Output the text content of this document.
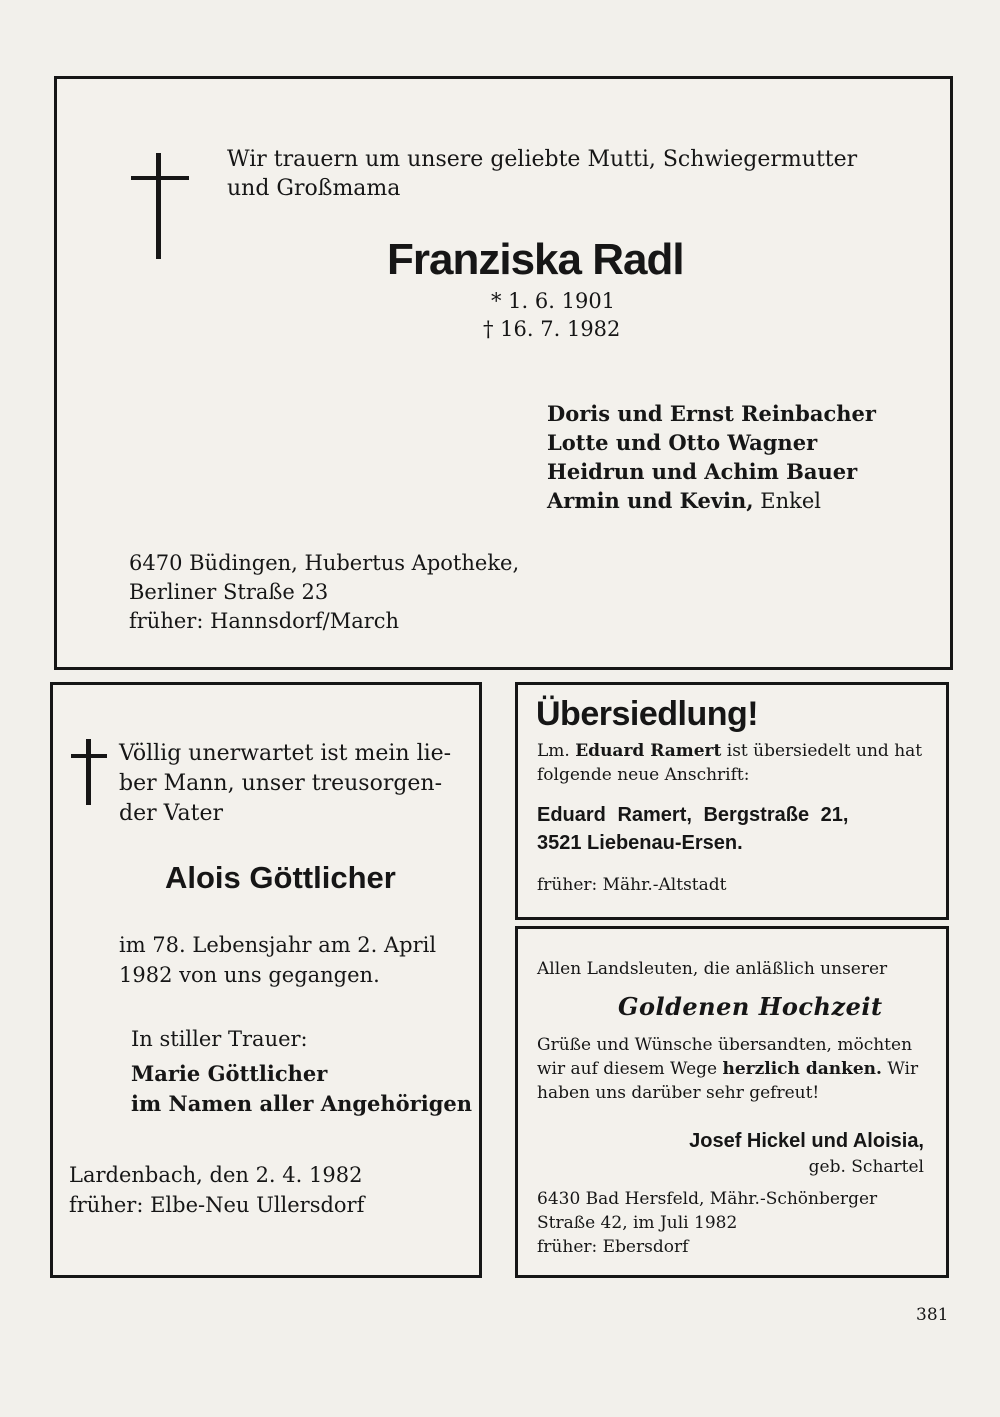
Wir trauern um unsere geliebte Mutti, Schwiegermutter
und Großmama
Franziska Radl
* 1. 6. 1901
† 16. 7. 1982
Doris und Ernst Reinbacher
Lotte und Otto Wagner
Heidrun und Achim Bauer
Armin und Kevin, Enkel
6470 Büdingen, Hubertus Apotheke,
Berliner Straße 23
früher: Hannsdorf/March
Völlig unerwartet ist mein lie-
ber Mann, unser treusorgen-
der Vater
Alois Göttlicher
im 78. Lebensjahr am 2. April
1982 von uns gegangen.
In stiller Trauer:
Marie Göttlicher
im Namen aller Angehörigen
Lardenbach, den 2. 4. 1982
früher: Elbe-Neu Ullersdorf
Übersiedlung!
Lm. Eduard Ramert ist übersiedelt und hat
folgende neue Anschrift:
Eduard Ramert, Bergstraße 21,
3521 Liebenau-Ersen.
früher: Mähr.-Altstadt
Allen Landsleuten, die anläßlich unserer
Goldenen Hochzeit
Grüße und Wünsche übersandten, möchten
wir auf diesem Wege herzlich danken. Wir
haben uns darüber sehr gefreut!
Josef Hickel und Aloisia,
geb. Schartel
6430 Bad Hersfeld, Mähr.-Schönberger
Straße 42, im Juli 1982
früher: Ebersdorf
381
